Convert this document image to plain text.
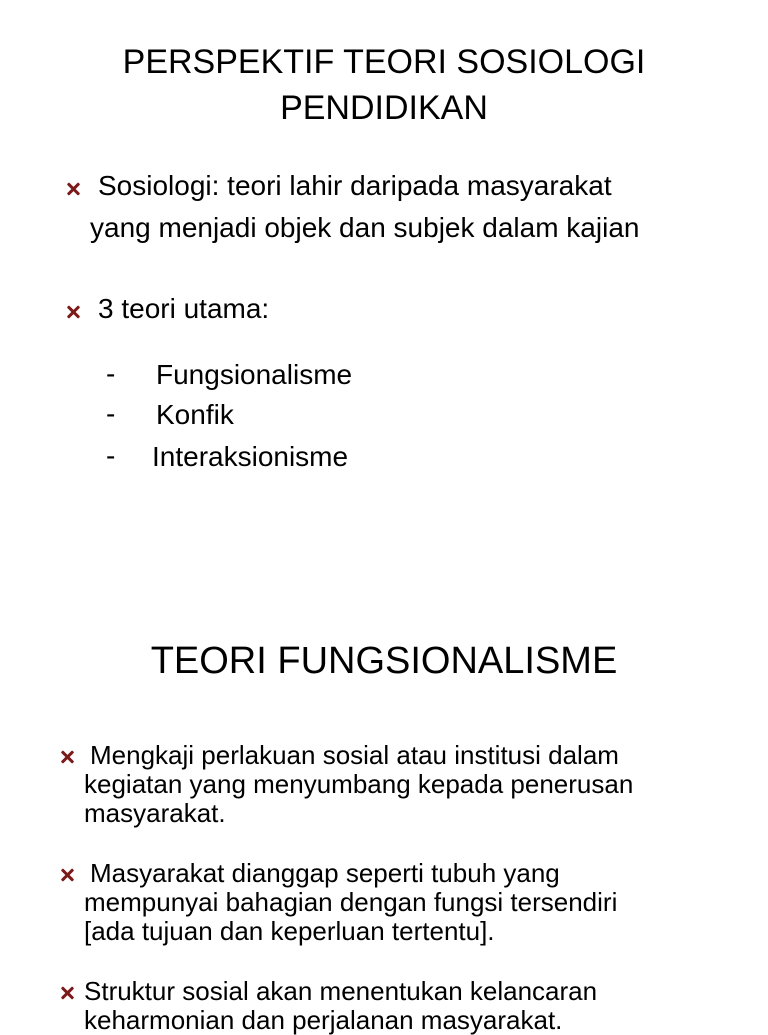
PERSPEKTIF TEORI SOSIOLOGI
PENDIDIKAN
Sosiologi: teori lahir daripada masyarakat
yang menjadi objek dan subjek dalam kajian
3 teori utama:
- Fungsionalisme
- Konfik
- Interaksionisme
TEORI FUNGSIONALISME
Mengkaji perlakuan sosial atau institusi dalam
kegiatan yang menyumbang kepada penerusan
masyarakat.
Masyarakat dianggap seperti tubuh yang
mempunyai bahagian dengan fungsi tersendiri
[ada tujuan dan keperluan tertentu].
Struktur sosial akan menentukan kelancaran
keharmonian dan perjalanan masyarakat.
